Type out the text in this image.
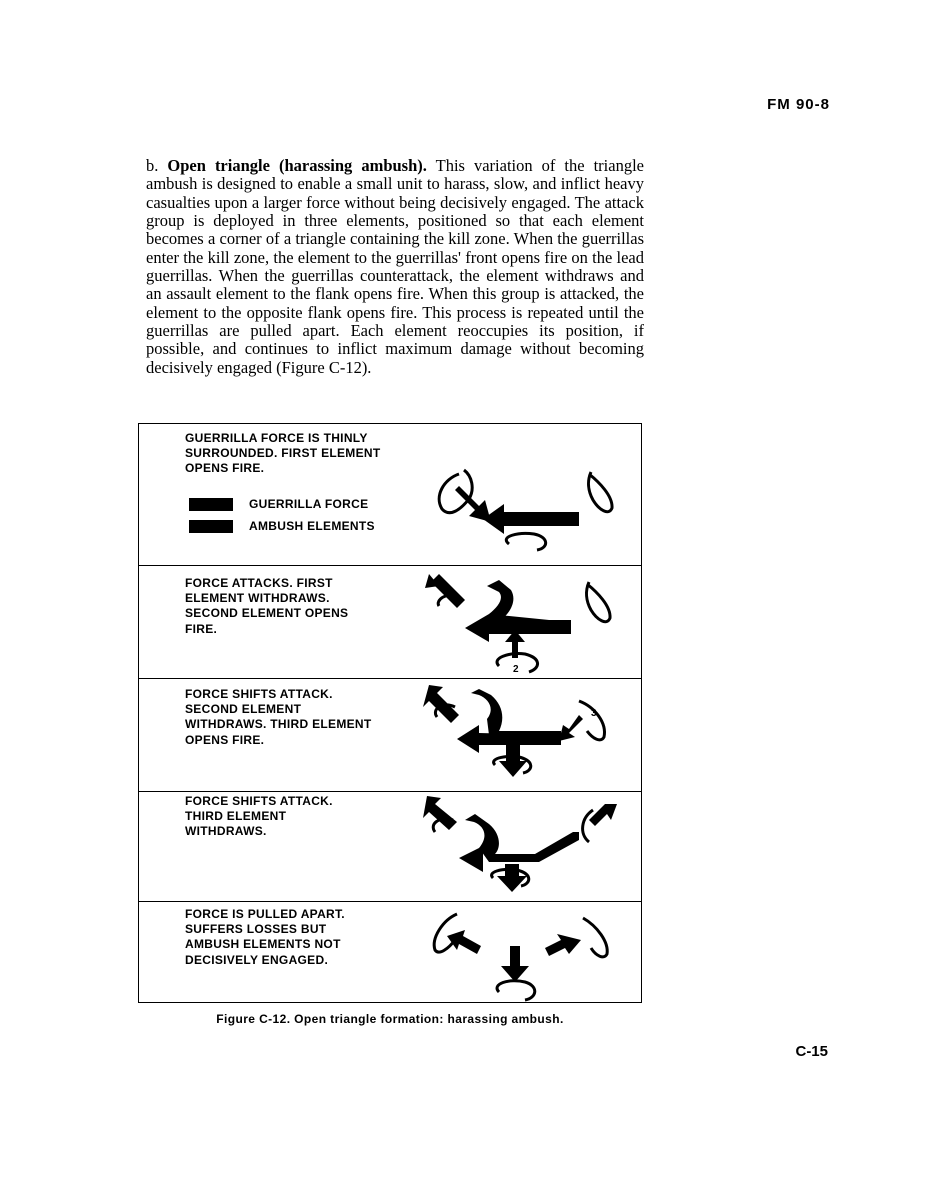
FM 90-8
b. Open triangle (harassing ambush). This variation of the triangle ambush is designed to enable a small unit to harass, slow, and inflict heavy casualties upon a larger force without being decisively engaged. The attack group is deployed in three elements, positioned so that each element becomes a corner of a triangle containing the kill zone. When the guerrillas enter the kill zone, the element to the guerrillas' front opens fire on the lead guerrillas. When the guerrillas counterattack, the element withdraws and an assault element to the flank opens fire. When this group is attacked, the element to the opposite flank opens fire. This process is repeated until the guerrillas are pulled apart. Each element reoccupies its position, if possible, and continues to inflict maximum damage without becoming decisively engaged (Figure C-12).
GUERRILLA FORCE IS THINLY
SURROUNDED. FIRST ELEMENT
OPENS FIRE.
GUERRILLA FORCE
AMBUSH ELEMENTS
FORCE ATTACKS. FIRST
ELEMENT WITHDRAWS.
SECOND ELEMENT OPENS
FIRE.
2
FORCE SHIFTS ATTACK.
SECOND ELEMENT
WITHDRAWS. THIRD ELEMENT
OPENS FIRE.
3
FORCE SHIFTS ATTACK.
THIRD ELEMENT
WITHDRAWS.
FORCE IS PULLED APART.
SUFFERS LOSSES BUT
AMBUSH ELEMENTS NOT
DECISIVELY ENGAGED.
Figure C-12. Open triangle formation: harassing ambush.
C-15
